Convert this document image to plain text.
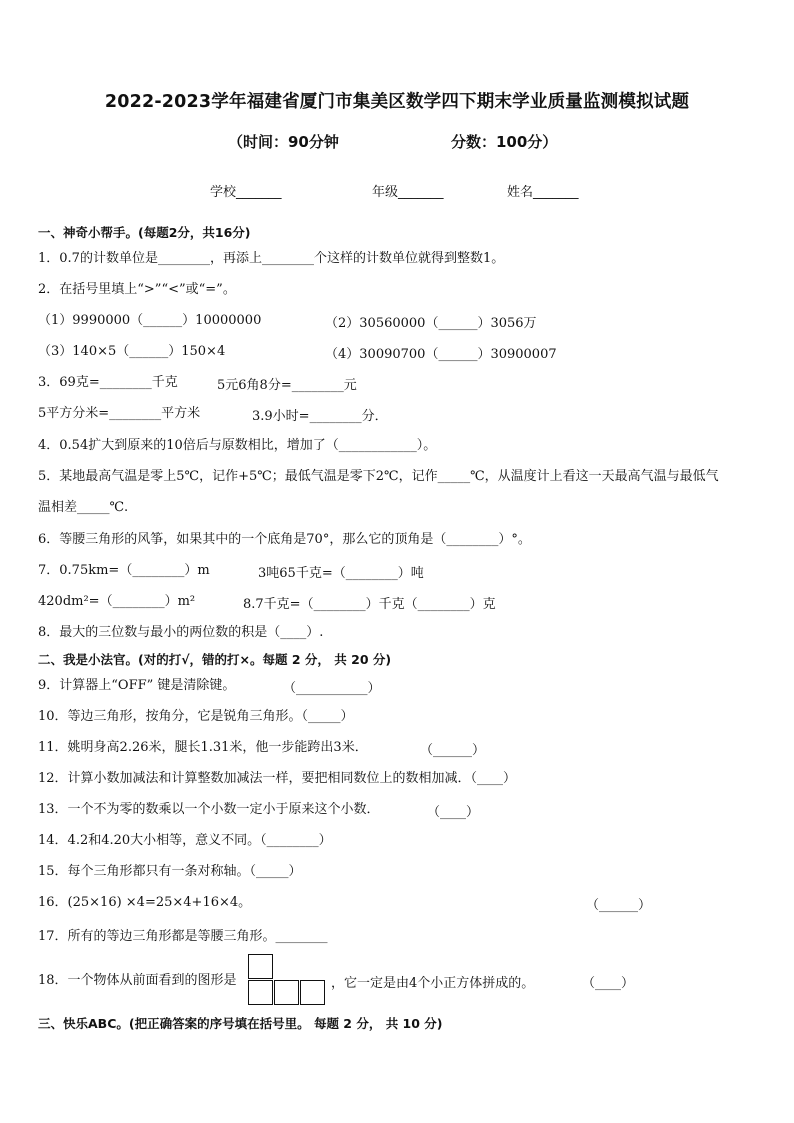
2022-2023学年福建省厦门市集美区数学四下期末学业质量监测模拟试题
（时间：90分钟	分数：100分）
学校_______	年级_______	姓名_______
一、神奇小帮手。(每题2分，共16分)
1．0.7的计数单位是________，再添上________个这样的计数单位就得到整数1。
2．在括号里填上“>”“<”或“=”。
（1）9990000（______）10000000	（2）30560000（______）3056万
（3）140×5（______）150×4	（4）30090700（______）30900007
3．69克=________千克	5元6角8分=________元
5平方分米=________平方米	3.9小时=________分．
4．0.54扩大到原来的10倍后与原数相比，增加了（____________）。
5．某地最高气温是零上5℃，记作+5℃；最低气温是零下2℃，记作_____℃，从温度计上看这一天最高气温与最低气
温相差_____℃.
6．等腰三角形的风筝，如果其中的一个底角是70°，那么它的顶角是（________）°。
7．0.75km=（________）m	3吨65千克=（________）吨
420dm²=（________）m²	8.7千克=（________）千克（________）克
8．最大的三位数与最小的两位数的积是（____）.
二、我是小法官。(对的打√，错的打×。每题 2 分， 共 20 分)
9．计算器上“OFF” 键是清除键。	（___________）
10．等边三角形，按角分，它是锐角三角形。（_____）
11．姚明身高2.26米，腿长1.31米，他一步能跨出3米．	（______）
12．计算小数加减法和计算整数加减法一样，要把相同数位上的数相加减．（____）
13．一个不为零的数乘以一个小数一定小于原来这个小数．	（____）
14．4.2和4.20大小相等，意义不同。（________）
15．每个三角形都只有一条对称轴。（_____）
16．(25×16) ×4=25×4+16×4。	（______）
17．所有的等边三角形都是等腰三角形。________
18．一个物体从前面看到的图形是	，它一定是由4个小正方体拼成的。	（____）
三、快乐ABC。(把正确答案的序号填在括号里。 每题 2 分， 共 10 分)
